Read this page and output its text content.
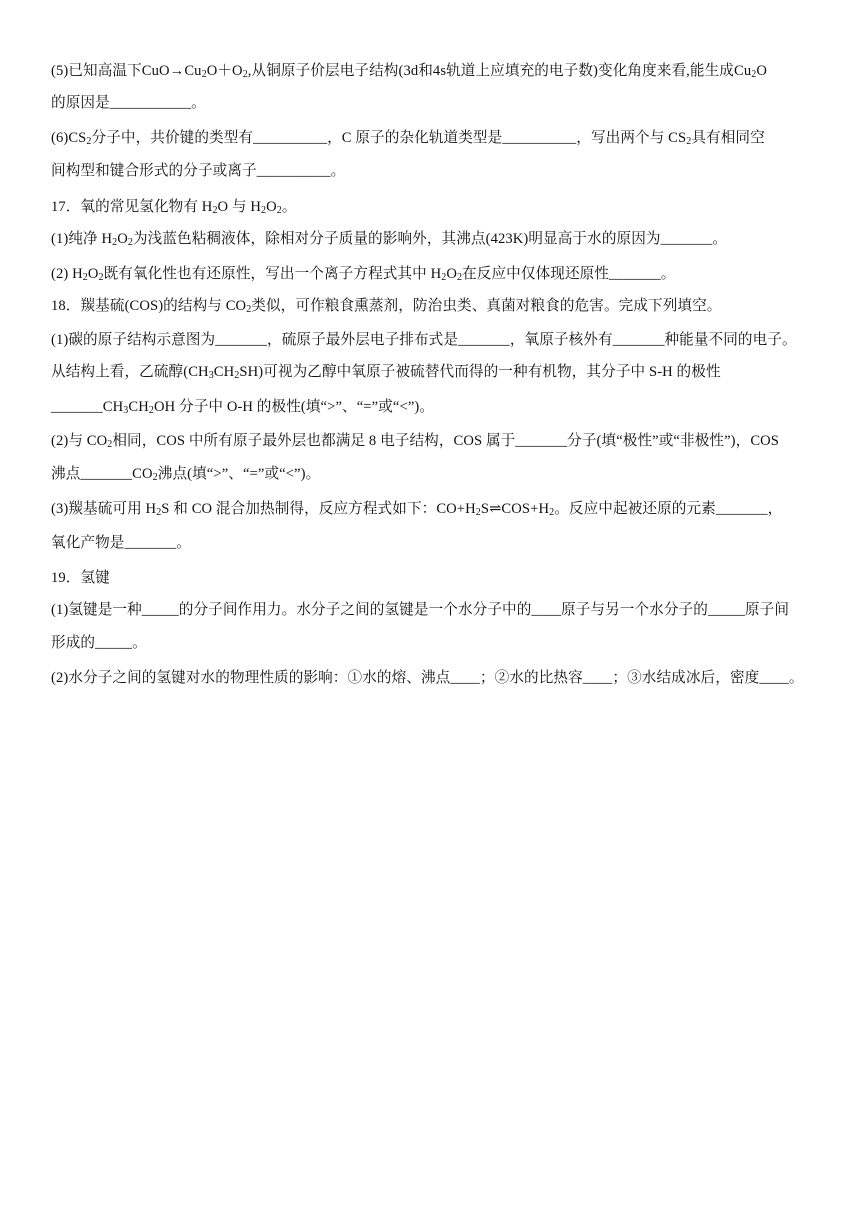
(5)已知高温下$CuO\to Cu_2O+O_2$,从铜原子价层电子结构(3d和4s轨道上应填充的电子数)变化角度来看,能生成$Cu_2O$
的原因是___________。
$(6)CS_2$分子中，共价键的类型有__________，C 原子的杂化轨道类型是__________，写出两个与 $CS_2$具有相同空
间构型和键合形式的分子或离子__________。
17．氧的常见氢化物有 $H_2O$ 与 $H_2O_2$。
(1)纯净 $H_2O_2$为浅蓝色粘稠液体，除相对分子质量的影响外，其沸点(423K)明显高于水的原因为_______。
(2) $H_2O_2$既有氧化性也有还原性，写出一个离子方程式其中 $H_2O_2$在反应中仅体现还原性_______。
18．羰基硫(COS)的结构与 $CO_2$类似，可作粮食熏蒸剂，防治虫类、真菌对粮食的危害。完成下列填空。
(1)碳的原子结构示意图为_______，硫原子最外层电子排布式是_______，氧原子核外有_______种能量不同的电子。
从结构上看，乙硫醇$(CH_3CH_2SH)$可视为乙醇中氧原子被硫替代而得的一种有机物，其分子中 S-H 的极性
$\_\_\_\_\_\_\_CH_3CH_2OH$ 分子中 O-H 的极性(填“>”、“=”或“<”)。
(2)与 $CO_2$相同，COS 中所有原子最外层也都满足 8 电子结构，COS 属于_______分子(填“极性”或“非极性”)，COS
沸点$\_\_\_\_\_\_\_CO_2$沸点(填“>”、“=”或“<”)。
(3)羰基硫可用 $H_2S$ 和 CO 混合加热制得，反应方程式如下：$CO+H_2S\rightleftharpoons COS+H_2$。反应中起被还原的元素_______，
氧化产物是_______。
19．氢键
(1)氢键是一种_____的分子间作用力。水分子之间的氢键是一个水分子中的____原子与另一个水分子的_____原子间
形成的_____。
(2)水分子之间的氢键对水的物理性质的影响：①水的熔、沸点____；②水的比热容____；③水结成冰后，密度____。
